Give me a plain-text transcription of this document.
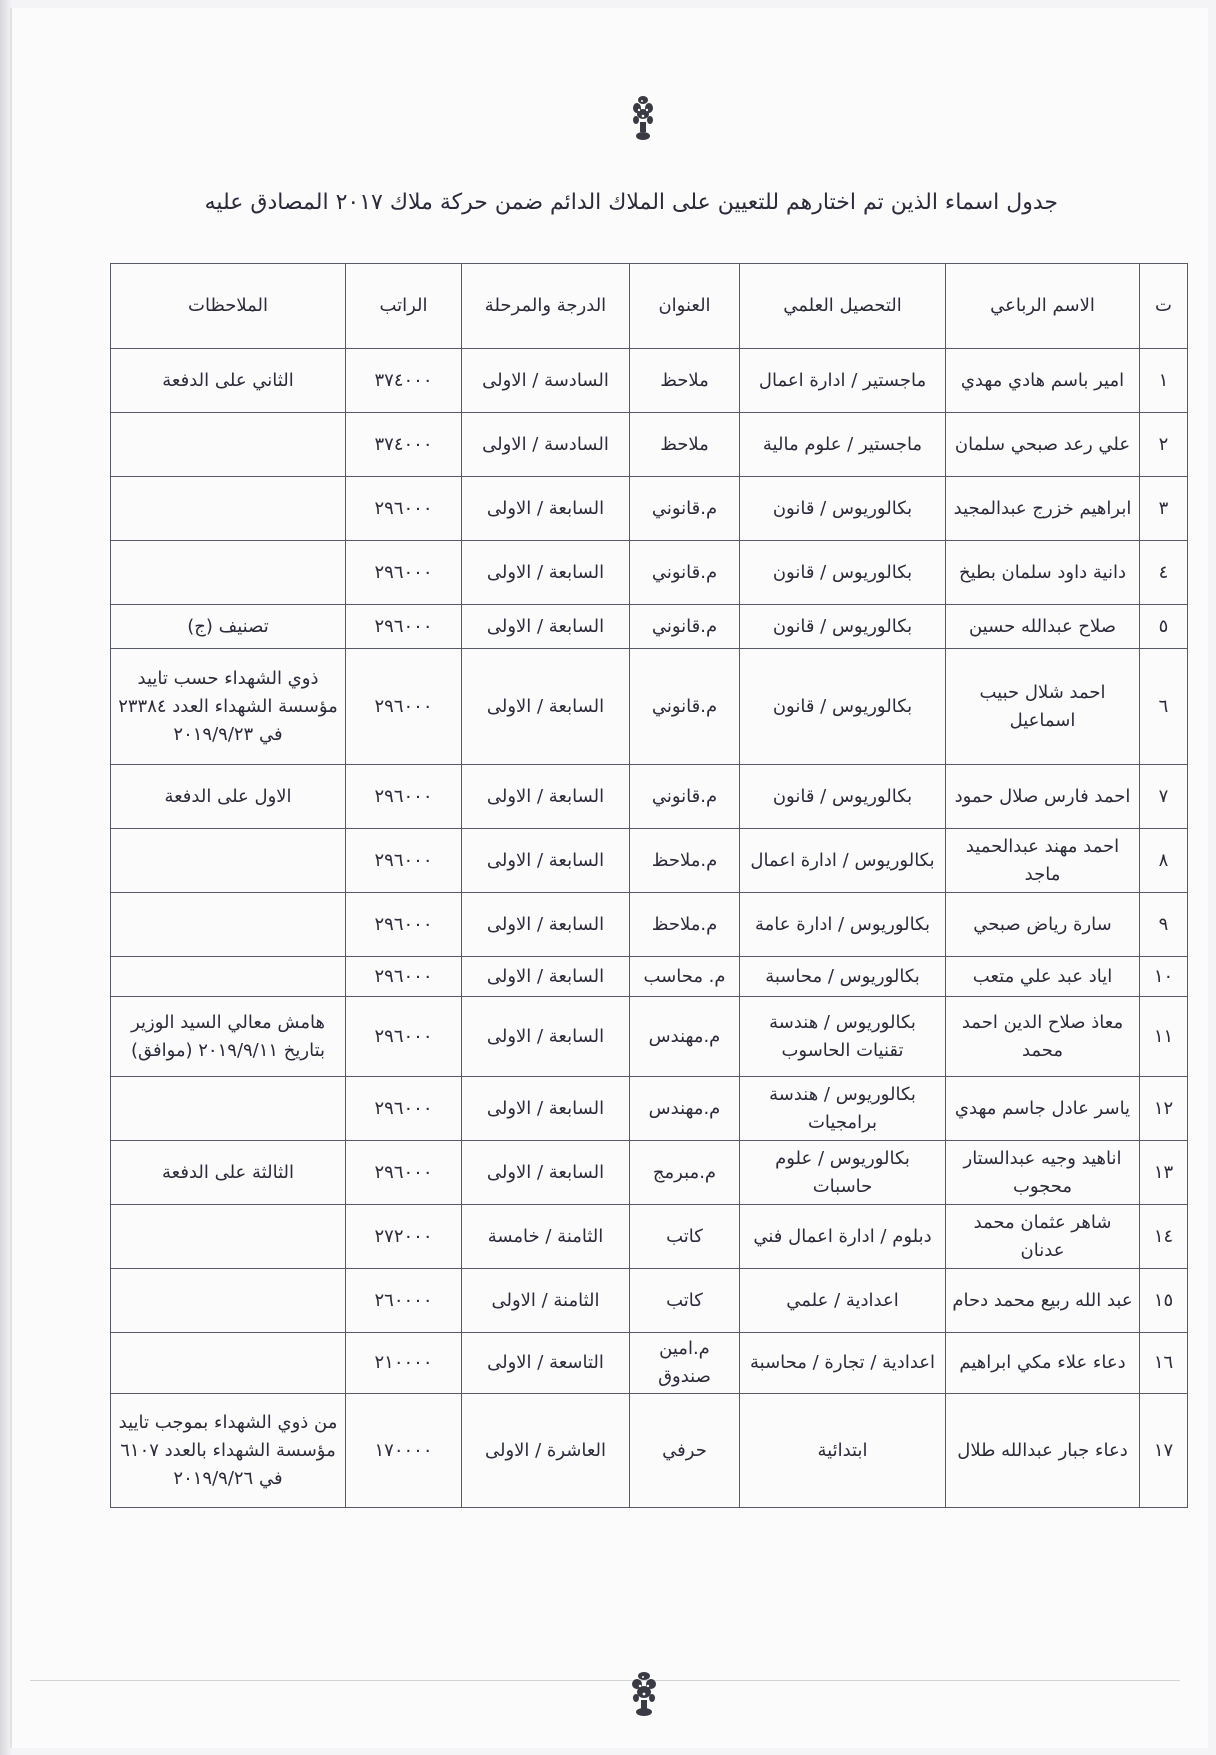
جدول اسماء الذين تم اختارهم للتعيين على الملاك الدائم ضمن حركة ملاك ٢٠١٧ المصادق عليه
ت	الاسم الرباعي	التحصيل العلمي	العنوان	الدرجة والمرحلة	الراتب	الملاحظات
١	امير باسم هادي مهدي	ماجستير / ادارة اعمال	ملاحظ	السادسة / الاولى	٣٧٤٠٠٠	الثاني على الدفعة
٢	علي رعد صبحي سلمان	ماجستير / علوم مالية	ملاحظ	السادسة / الاولى	٣٧٤٠٠٠	
٣	ابراهيم خزرج عبدالمجيد	بكالوريوس / قانون	م.قانوني	السابعة / الاولى	٢٩٦٠٠٠	
٤	دانية داود سلمان بطيخ	بكالوريوس / قانون	م.قانوني	السابعة / الاولى	٢٩٦٠٠٠	
٥	صلاح عبدالله حسين	بكالوريوس / قانون	م.قانوني	السابعة / الاولى	٢٩٦٠٠٠	تصنيف (ج)
٦	احمد شلال حبيب اسماعيل	بكالوريوس / قانون	م.قانوني	السابعة / الاولى	٢٩٦٠٠٠	ذوي الشهداء حسب تاييد مؤسسة الشهداء العدد ٢٣٣٨٤ في ٢٠١٩/٩/٢٣
٧	احمد فارس صلال حمود	بكالوريوس / قانون	م.قانوني	السابعة / الاولى	٢٩٦٠٠٠	الاول على الدفعة
٨	احمد مهند عبدالحميد ماجد	بكالوريوس / ادارة اعمال	م.ملاحظ	السابعة / الاولى	٢٩٦٠٠٠	
٩	سارة رياض صبحي	بكالوريوس / ادارة عامة	م.ملاحظ	السابعة / الاولى	٢٩٦٠٠٠	
١٠	اياد عبد علي متعب	بكالوريوس / محاسبة	م. محاسب	السابعة / الاولى	٢٩٦٠٠٠	
١١	معاذ صلاح الدين احمد محمد	بكالوريوس / هندسة تقنيات الحاسوب	م.مهندس	السابعة / الاولى	٢٩٦٠٠٠	هامش معالي السيد الوزير بتاريخ ٢٠١٩/٩/١١ (موافق)
١٢	ياسر عادل جاسم مهدي	بكالوريوس / هندسة برامجيات	م.مهندس	السابعة / الاولى	٢٩٦٠٠٠	
١٣	اناهيد وجيه عبدالستار محجوب	بكالوريوس / علوم حاسبات	م.مبرمج	السابعة / الاولى	٢٩٦٠٠٠	الثالثة على الدفعة
١٤	شاهر عثمان محمد عدنان	دبلوم / ادارة اعمال فني	كاتب	الثامنة / خامسة	٢٧٢٠٠٠	
١٥	عبد الله ربيع محمد دحام	اعدادية / علمي	كاتب	الثامنة / الاولى	٢٦٠٠٠٠	
١٦	دعاء علاء مكي ابراهيم	اعدادية / تجارة / محاسبة	م.امين صندوق	التاسعة / الاولى	٢١٠٠٠٠	
١٧	دعاء جبار عبدالله طلال	ابتدائية	حرفي	العاشرة / الاولى	١٧٠٠٠٠	من ذوي الشهداء بموجب تاييد مؤسسة الشهداء بالعدد ٦١٠٧ في ٢٠١٩/٩/٢٦
